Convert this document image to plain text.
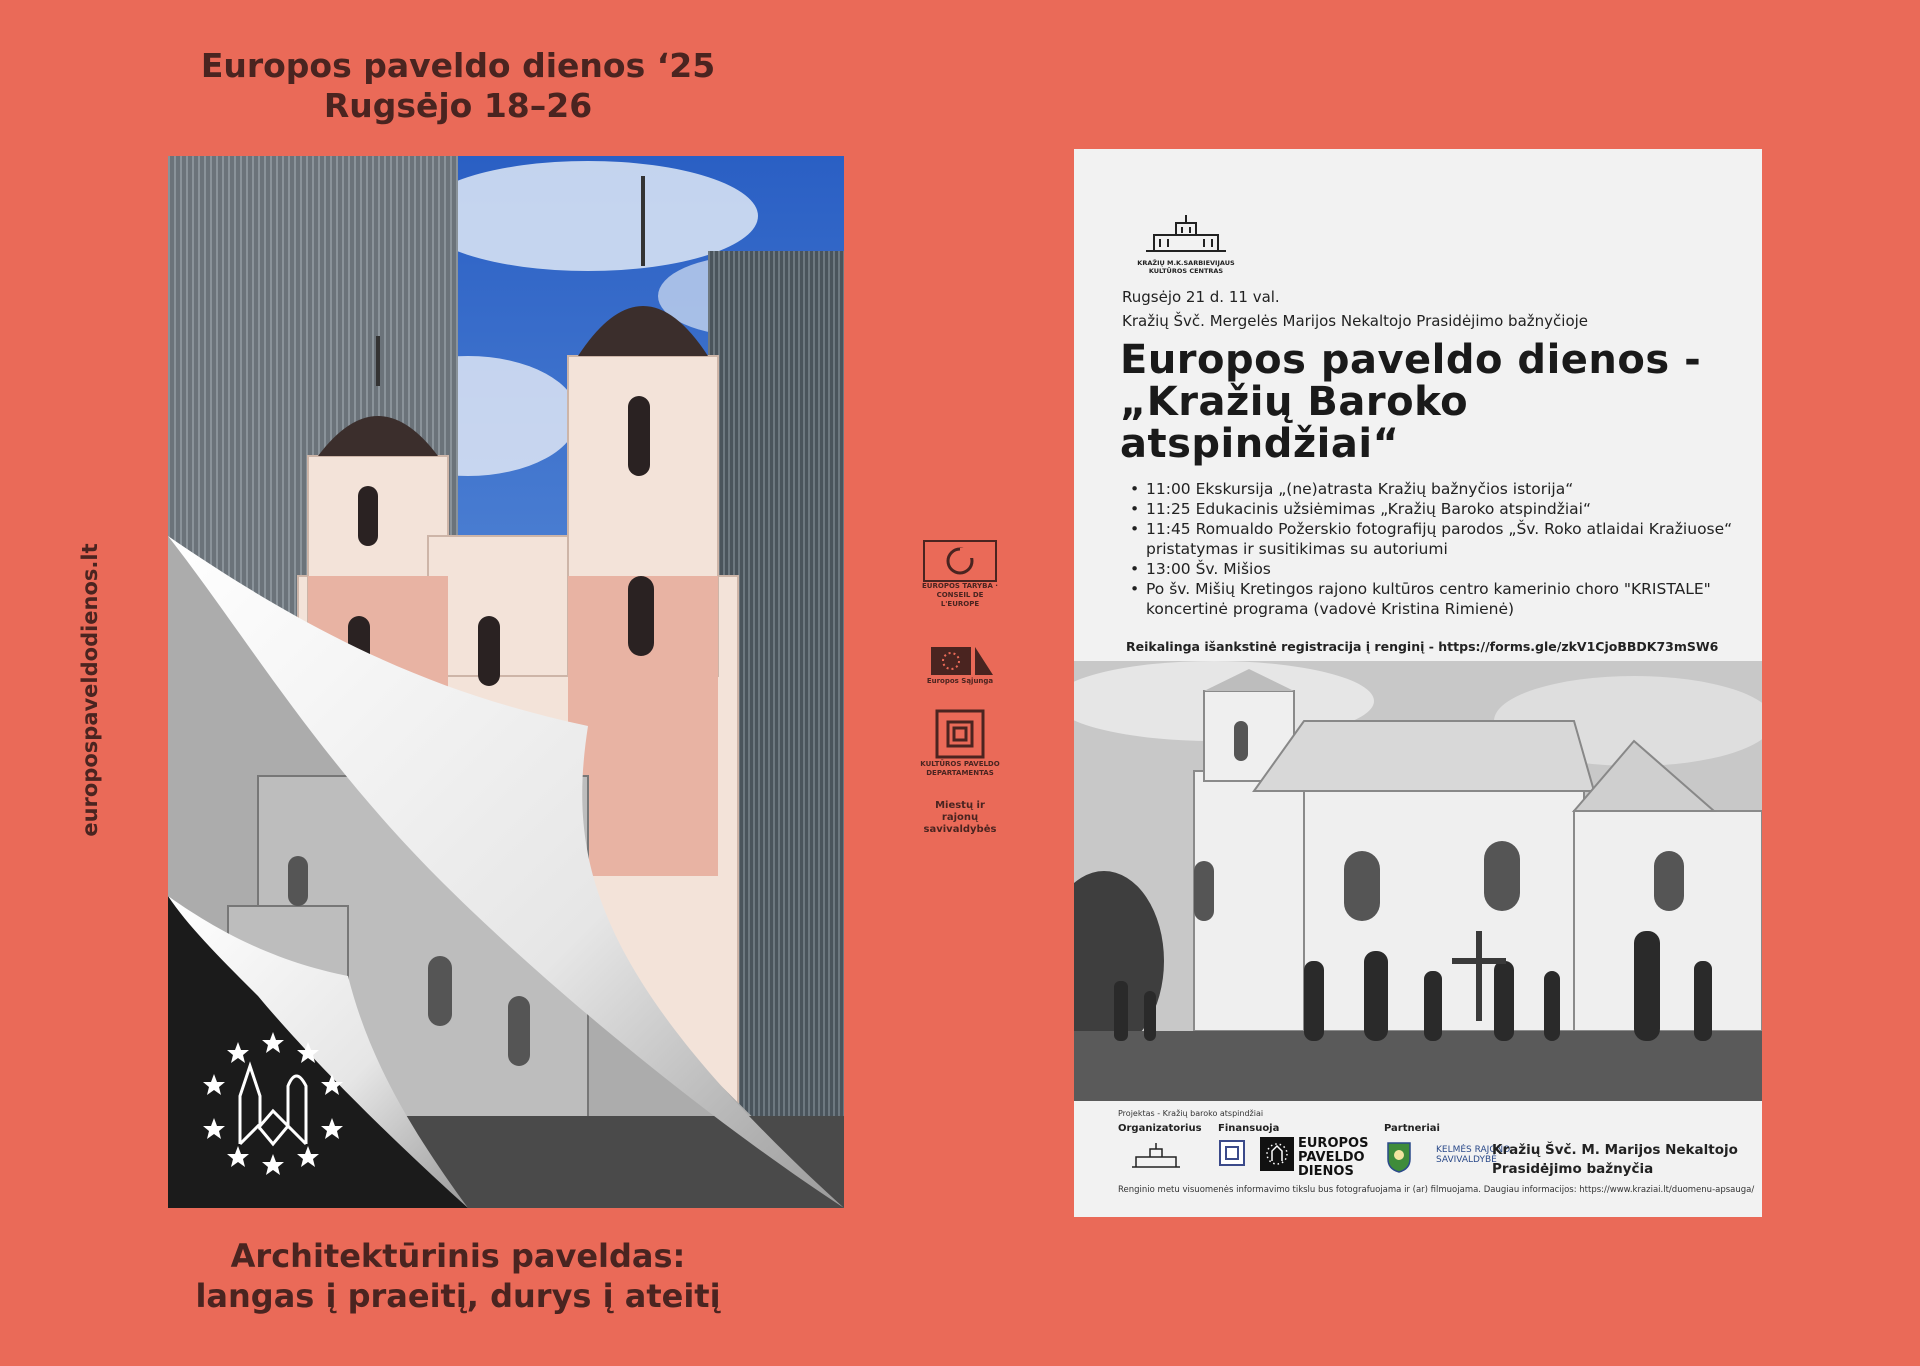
Europos paveldo dienos ‘25
Rugsėjo 18–26
europospaveldodienos.lt
Architektūrinis paveldas:
langas į praeitį, durys į ateitį
EUROPOS TARYBA · CONSEIL DE L'EUROPE
Europos Sąjunga
KULTŪROS PAVELDO DEPARTAMENTAS
Miestų ir rajonų savivaldybės
KRAŽIŲ M.K.SARBIEVIJAUS KULTŪROS CENTRAS
Rugsėjo 21 d. 11 val.
Kražių Švč. Mergelės Marijos Nekaltojo Prasidėjimo bažnyčioje
Europos paveldo dienos -
„Kražių Baroko
atspindžiai“
• 11:00 Ekskursija „(ne)atrasta Kražių bažnyčios istorija“
• 11:25 Edukacinis užsiėmimas „Kražių Baroko atspindžiai“
• 11:45 Romualdo Požerskio fotografijų parodos „Šv. Roko atlaidai Kražiuose“ pristatymas ir susitikimas su autoriumi
• 13:00 Šv. Mišios
• Po šv. Mišių Kretingos rajono kultūros centro kamerinio choro "KRISTALE" koncertinė programa (vadovė Kristina Rimienė)
Reikalinga išankstinė registracija į renginį - https://forms.gle/zkV1CjoBBDK73mSW6
Projektas - Kražių baroko atspindžiai
Organizatorius Finansuoja	Partneriai
EUROPOS
PAVELDO
DIENOS
KELMĖS RAJONO
SAVIVALDYBĖ
Kražių Švč. M. Marijos Nekaltojo
Prasidėjimo bažnyčia
Renginio metu visuomenės informavimo tikslu bus fotografuojama ir (ar) filmuojama. Daugiau informacijos: https://www.kraziai.lt/duomenu-apsauga/
